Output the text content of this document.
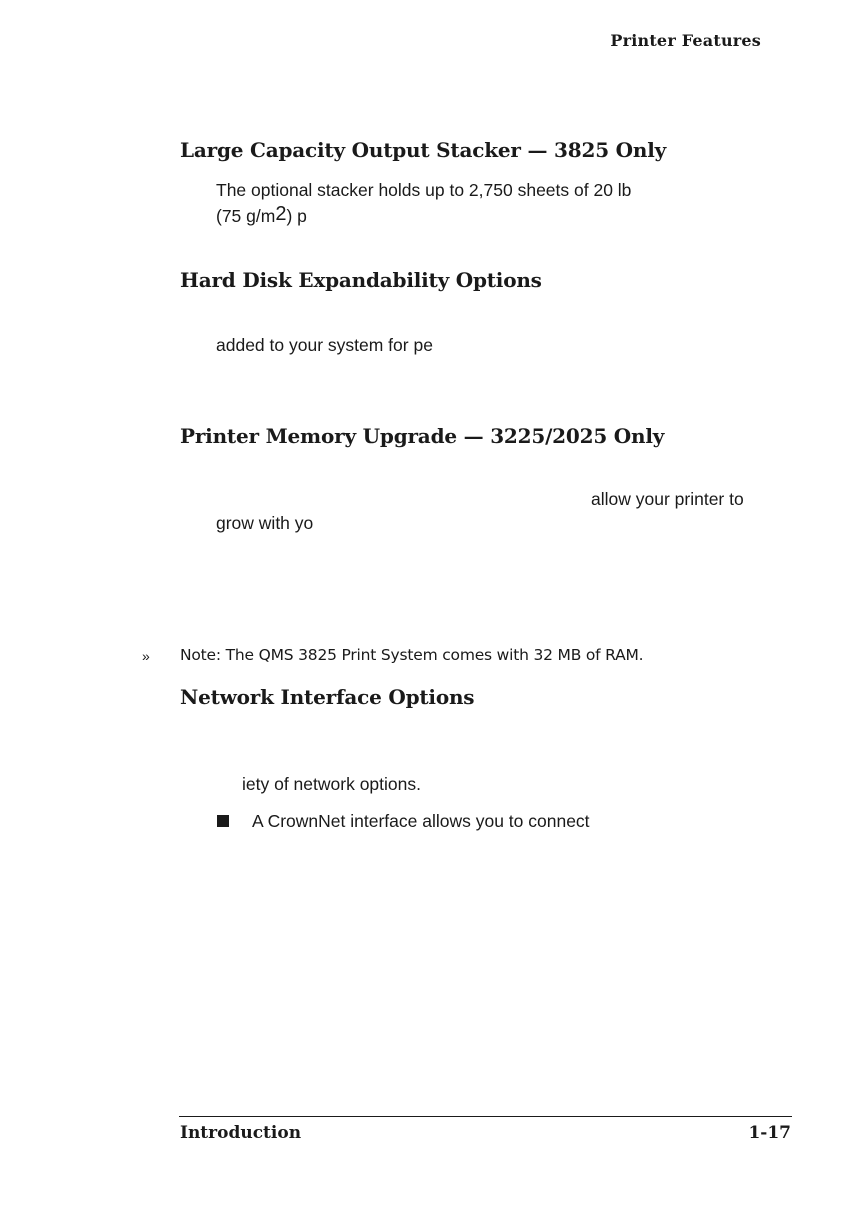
Printer Features
Large Capacity Output Stacker — 3825 Only
The optional stacker holds up to 2,750 sheets of 20 lb
(75 $g/m^2$) p
Hard Disk Expandability Options
added to your system for pe
Printer Memory Upgrade — 3225/2025 Only
allow your printer to
grow with yo
» Note: The QMS 3825 Print System comes with 32 MB of RAM.
Network Interface Options
iety of network options.
A CrownNet interface allows you to connect
Introduction	1-17
